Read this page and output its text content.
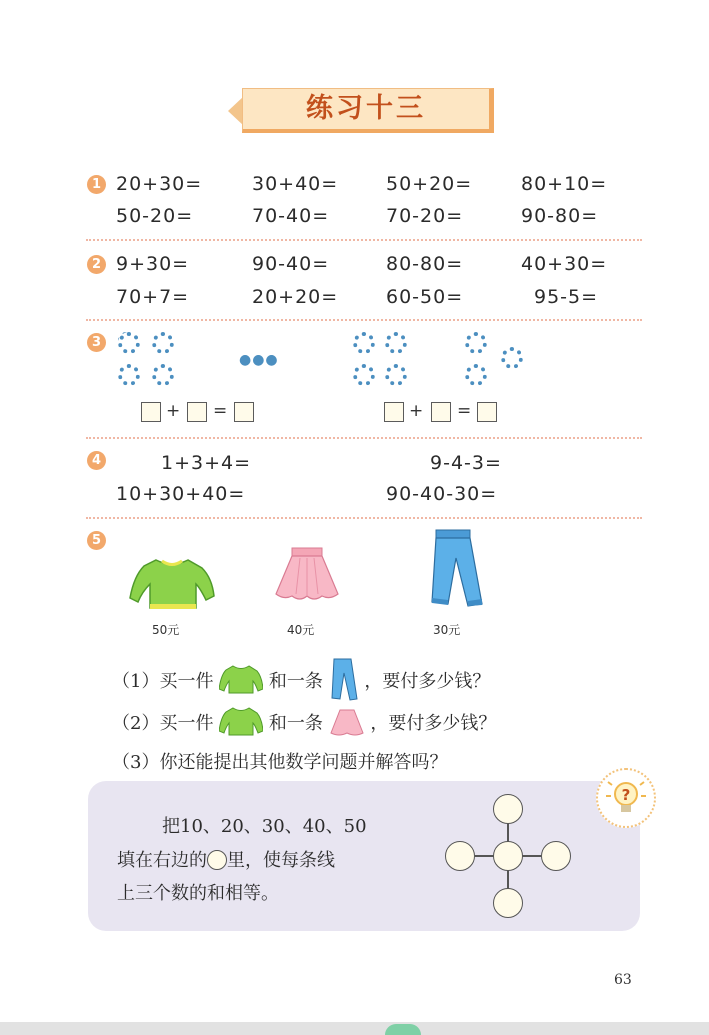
练习十三
1 20+30=	30+40=	50+20=	80+10=
50-20=	70-40=	70-20=	90-80=
2 9+30=	90-40=	80-80=	40+30=
70+7=	20+20=	60-50=	95-5=
3
●●●
+ =	+ =
4	1+3+4=	9-4-3=
10+30+40=	90-40-30=
5
50元	40元	30元
（1）买一件	和一条 ，要付多少钱？
（2）买一件	和一条	，要付多少钱？
（3）你还能提出其他数学问题并解答吗？
?
把10、20、30、40、50
填在右边的 里，使每条线
上三个数的和相等。
63
